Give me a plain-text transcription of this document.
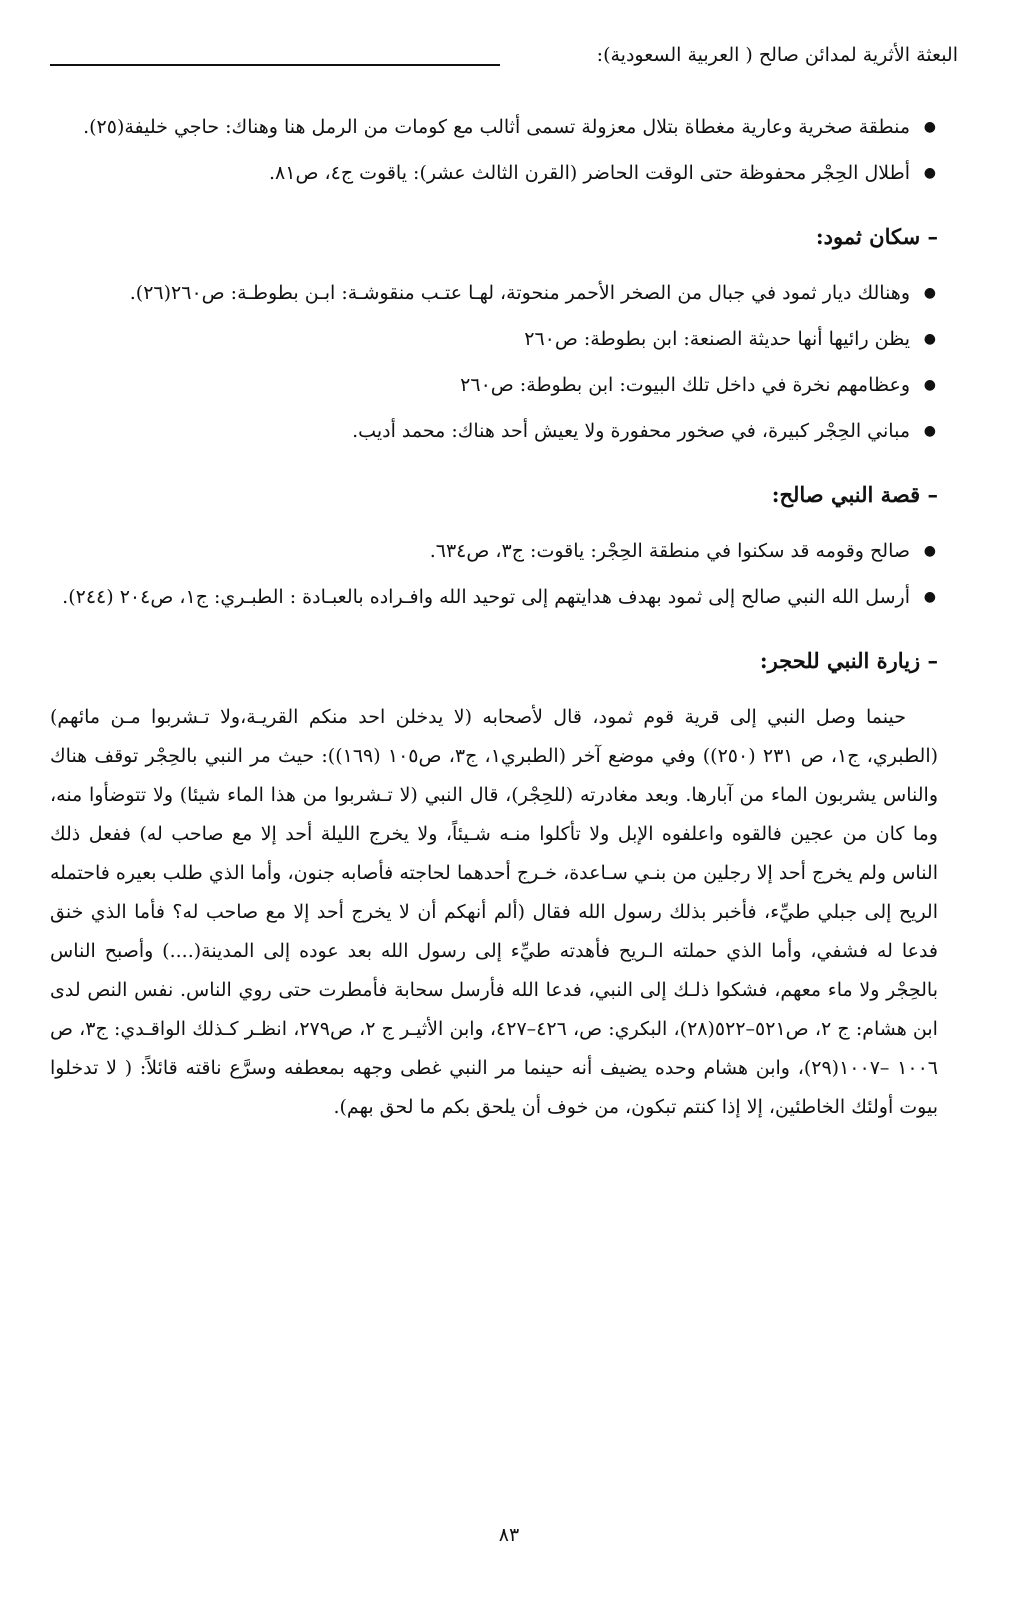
البعثة الأثرية لمدائن صالح ( العربية السعودية):
● منطقة صخرية وعارية مغطاة بتلال معزولة تسمى أثالب مع كومات من الرمل هنا وهناك: حاجي خليفة(٢٥).
● أطلال الحِجْر محفوظة حتى الوقت الحاضر (القرن الثالث عشر): ياقوت ج٤، ص٨١.
– سكان ثمود:
● وهنالك ديار ثمود في جبال من الصخر الأحمر منحوتة، لهـا عتـب منقوشـة: ابـن بطوطـة: ص٢٦٠(٢٦).
● يظن رائيها أنها حديثة الصنعة: ابن بطوطة: ص٢٦٠
● وعظامهم نخرة في داخل تلك البيوت: ابن بطوطة: ص٢٦٠
● مباني الحِجْر كبيرة، في صخور محفورة ولا يعيش أحد هناك: محمد أديب.
– قصة النبي صالح:
● صالح وقومه قد سكنوا في منطقة الحِجْر: ياقوت: ج٣، ص٦٣٤.
● أرسل الله النبي صالح إلى ثمود بهدف هدايتهم إلى توحيد الله وافـراده بالعبـادة : الطبـري: ج١، ص٢٠٤ (٢٤٤).
– زيارة النبي للحجر:

حينما وصل النبي إلى قرية قوم ثمود، قال لأصحابه (لا يدخلن احد منكم القريـة،ولا تـشربوا مـن مائهم) (الطبري، ج١، ص ٢٣١ (٢٥٠)) وفي موضع آخر (الطبري١، ج٣، ص١٠٥ (١٦٩)): حيث مر النبي بالحِجْر توقف هناك والناس يشربون الماء من آبارها. وبعد مغادرته (للحِجْر)، قال النبي (لا تـشربوا من هذا الماء شيئا) ولا تتوضأوا منه، وما كان من عجين فالقوه واعلفوه الإبل ولا تأكلوا منـه شـيئاً، ولا يخرج الليلة أحد إلا مع صاحب له) ففعل ذلك الناس ولم يخرج أحد إلا رجلين من بنـي سـاعدة، خـرج أحدهما لحاجته فأصابه جنون، وأما الذي طلب بعيره فاحتمله الريح إلى جبلي طيِّء، فأخبر بذلك رسول الله فقال (ألم أنهكم أن لا يخرج أحد إلا مع صاحب له؟ فأما الذي خنق فدعا له فشفي، وأما الذي حملته الـريح فأهدته طيِّء إلى رسول الله بعد عوده إلى المدينة(....) وأصبح الناس بالحِجْر ولا ماء معهم، فشكوا ذلـك إلى النبي، فدعا الله فأرسل سحابة فأمطرت حتى روي الناس. نفس النص لدى ابن هشام: ج ٢، ص٥٢١–٥٢٢(٢٨)، البكري: ص، ٤٢٦–٤٢٧، وابن الأثيـر ج ٢، ص٢٧٩، انظـر كـذلك الواقـدي: ج٣، ص ١٠٠٦ –١٠٠٧(٢٩)، وابن هشام وحده يضيف أنه حينما مر النبي غطى وجهه بمعطفه وسرَّع ناقته قائلاً: ( لا تدخلوا بيوت أولئك الخاطئين، إلا إذا كنتم تبكون، من خوف أن يلحق بكم ما لحق بهم).

٨٣
